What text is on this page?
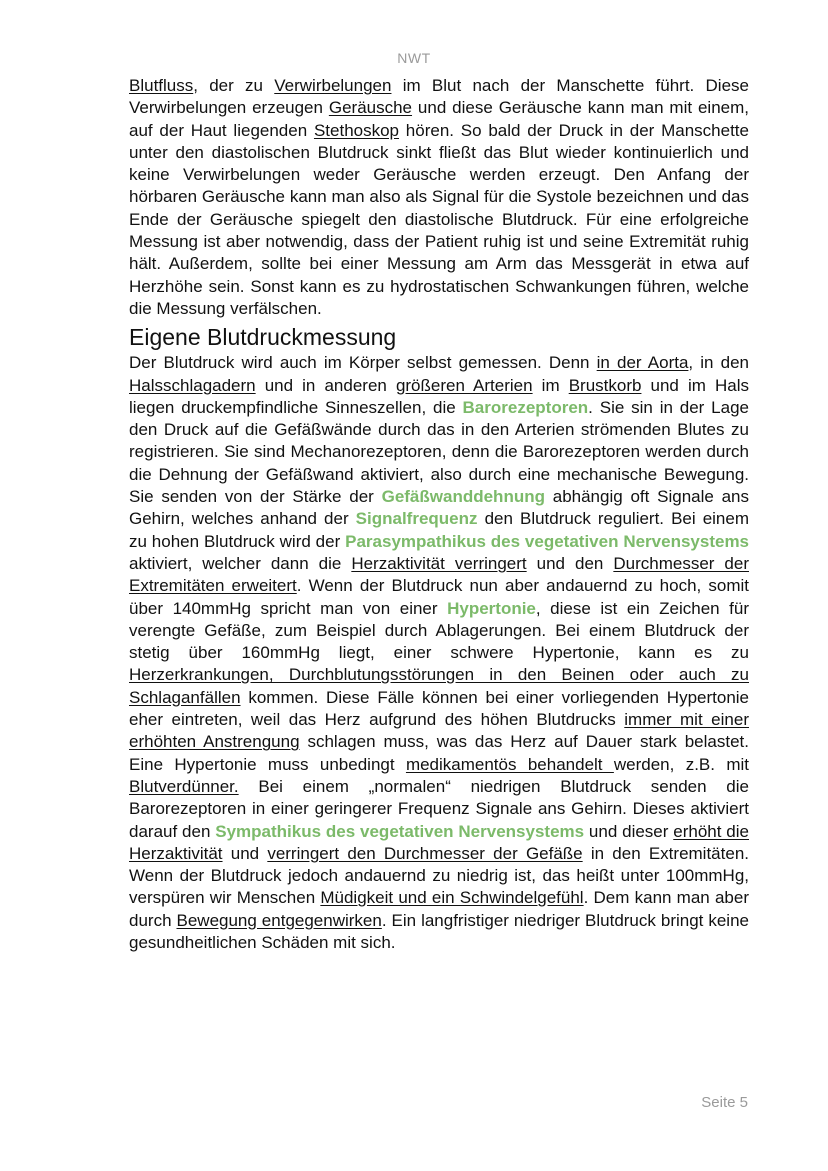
NWT

Blutfluss, der zu Verwirbelungen im Blut nach der Manschette führt. Diese Verwirbelungen erzeugen Geräusche und diese Geräusche kann man mit einem, auf der Haut liegenden Stethoskop hören. So bald der Druck in der Manschette unter den diastolischen Blutdruck sinkt fließt das Blut wieder kontinuierlich und keine Verwirbelungen weder Geräusche werden erzeugt. Den Anfang der hörbaren Geräusche kann man also als Signal für die Systole bezeichnen und das Ende der Geräusche spiegelt den diastolische Blutdruck. Für eine erfolgreiche Messung ist aber notwendig, dass der Patient ruhig ist und seine Extremität ruhig hält. Außerdem, sollte bei einer Messung am Arm das Messgerät in etwa auf Herzhöhe sein. Sonst kann es zu hydrostatischen Schwankungen führen, welche die Messung verfälschen.

Eigene Blutdruckmessung

Der Blutdruck wird auch im Körper selbst gemessen. Denn in der Aorta, in den Halsschlagadern und in anderen größeren Arterien im Brustkorb und im Hals liegen druckempfindliche Sinneszellen, die Barorezeptoren. Sie sin in der Lage den Druck auf die Gefäßwände durch das in den Arterien strömenden Blutes zu registrieren. Sie sind Mechanorezeptoren, denn die Barorezeptoren werden durch die Dehnung der Gefäßwand aktiviert, also durch eine mechanische Bewegung. Sie senden von der Stärke der Gefäßwanddehnung abhängig oft Signale ans Gehirn, welches anhand der Signalfrequenz den Blutdruck reguliert. Bei einem zu hohen Blutdruck wird der Parasympathikus des vegetativen Nervensystems aktiviert, welcher dann die Herzaktivität verringert und den Durchmesser der Extremitäten erweitert. Wenn der Blutdruck nun aber andauernd zu hoch, somit über 140mmHg spricht man von einer Hypertonie, diese ist ein Zeichen für verengte Gefäße, zum Beispiel durch Ablagerungen. Bei einem Blutdruck der stetig über 160mmHg liegt, einer schwere Hypertonie, kann es zu Herzerkrankungen, Durchblutungsstörungen in den Beinen oder auch zu Schlaganfällen kommen. Diese Fälle können bei einer vorliegenden Hypertonie eher eintreten, weil das Herz aufgrund des höhen Blutdrucks immer mit einer erhöhten Anstrengung schlagen muss, was das Herz auf Dauer stark belastet. Eine Hypertonie muss unbedingt medikamentös behandelt werden, z.B. mit Blutverdünner. Bei einem „normalen“ niedrigen Blutdruck senden die Barorezeptoren in einer geringerer Frequenz Signale ans Gehirn. Dieses aktiviert darauf den Sympathikus des vegetativen Nervensystems und dieser erhöht die Herzaktivität und verringert den Durchmesser der Gefäße in den Extremitäten. Wenn der Blutdruck jedoch andauernd zu niedrig ist, das heißt unter 100mmHg, verspüren wir Menschen Müdigkeit und ein Schwindelgefühl. Dem kann man aber durch Bewegung entgegenwirken. Ein langfristiger niedriger Blutdruck bringt keine gesundheitlichen Schäden mit sich.

Seite 5
